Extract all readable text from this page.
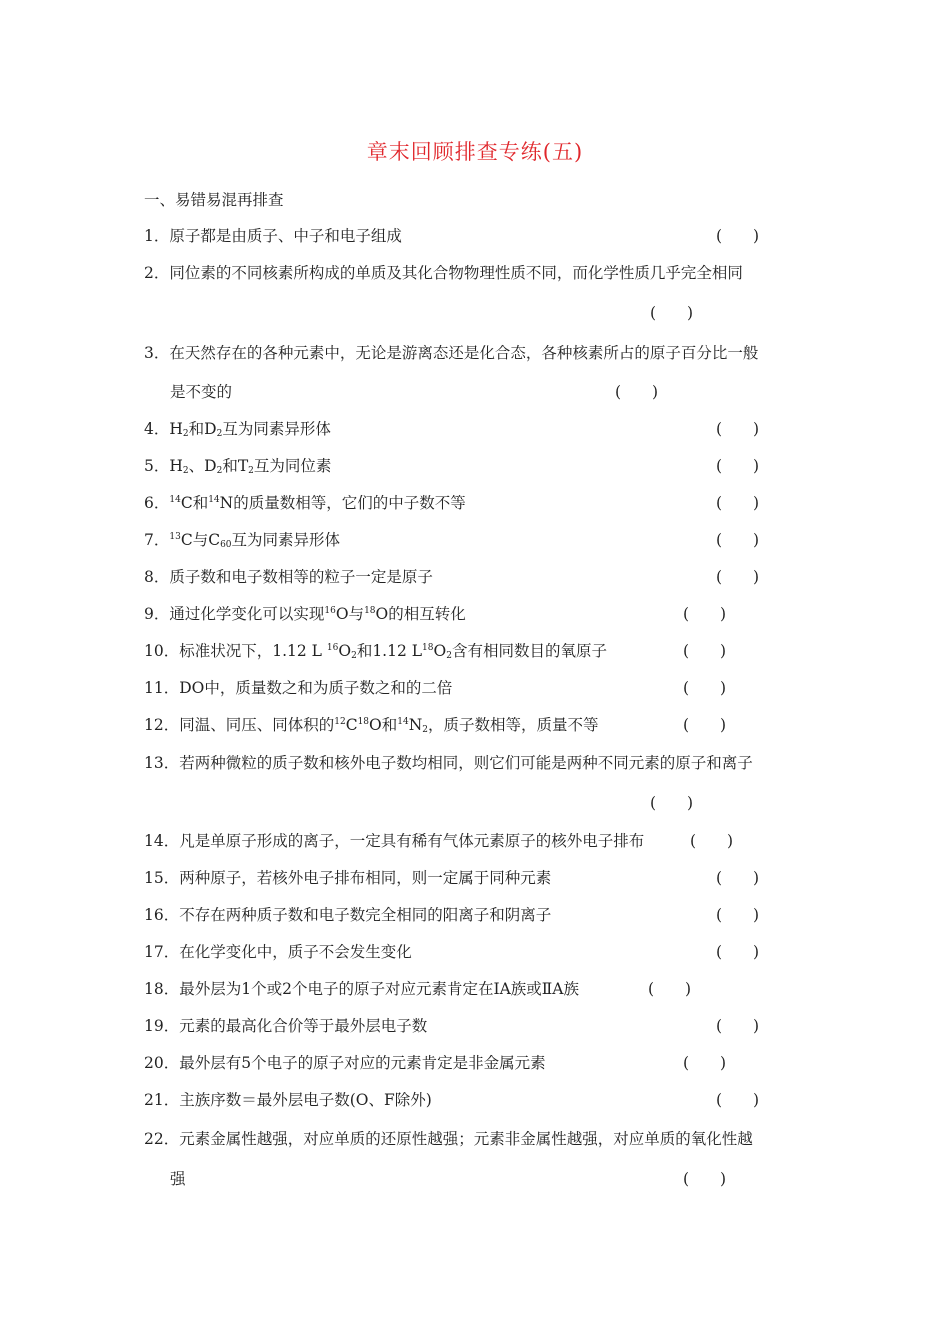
章末回顾排查专练(五)
一、易错易混再排查
1．原子都是由质子、中子和电子组成	(　　)
2．同位素的不同核素所构成的单质及其化合物物理性质不同，而化学性质几乎完全相同
(　　)
3．在天然存在的各种元素中，无论是游离态还是化合态，各种核素所占的原子百分比一般
是不变的	(　　)
4．$H_2$和$D_2$互为同素异形体	(　　)
5．$H_2$、$D_2$和$T_2$互为同位素	(　　)
6．$^{14}$C和$^{14}$N的质量数相等，它们的中子数不等	(　　)
7．$^{13}$C与$C_{60}$互为同素异形体	(　　)
8．质子数和电子数相等的粒子一定是原子	(　　)
9．通过化学变化可以实现$^{16}$O与$^{18}$O的相互转化	(　　)
10．标准状况下，1.12 L $^{16}O_2$和1.12 $L^{18}O_2$含有相同数目的氧原子	(　　)
11．DO中，质量数之和为质子数之和的二倍	(　　)
12．同温、同压、同体积的$^{12}C^{18}O$和$^{14}N_2$，质子数相等，质量不等	(　　)
13．若两种微粒的质子数和核外电子数均相同，则它们可能是两种不同元素的原子和离子
(　　)
14．凡是单原子形成的离子，一定具有稀有气体元素原子的核外电子排布	(　　)
15．两种原子，若核外电子排布相同，则一定属于同种元素	(　　)
16．不存在两种质子数和电子数完全相同的阳离子和阴离子	(　　)
17．在化学变化中，质子不会发生变化	(　　)
18．最外层为1个或2个电子的原子对应元素肯定在ⅠA族或ⅡA族	(　　)
19．元素的最高化合价等于最外层电子数	(　　)
20．最外层有5个电子的原子对应的元素肯定是非金属元素	(　　)
21．主族序数＝最外层电子数(O、F除外)	(　　)
22．元素金属性越强，对应单质的还原性越强；元素非金属性越强，对应单质的氧化性越
强	(　　)
